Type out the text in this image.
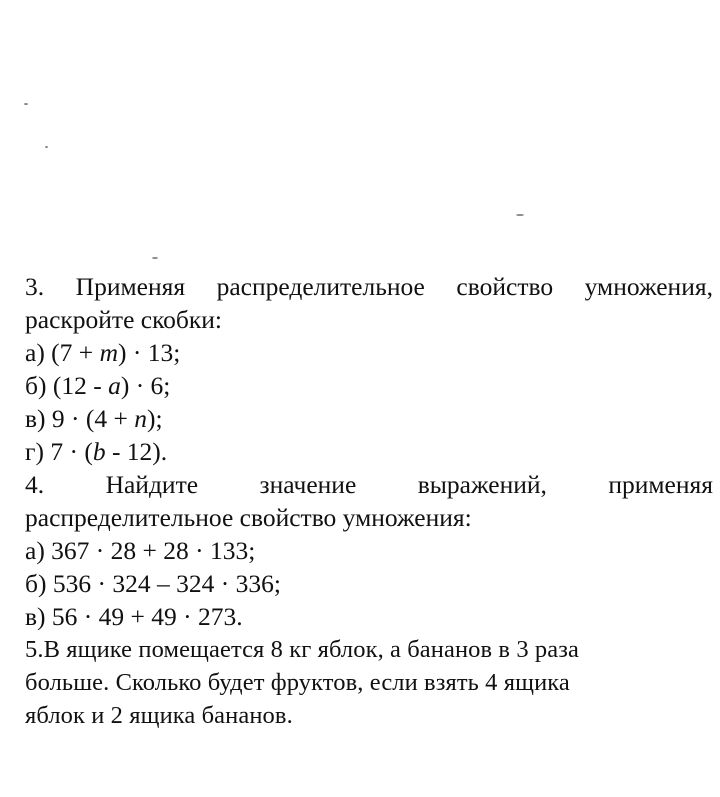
3. Применяя распределительное свойство умножения,
раскройте скобки:
а) (7 + m) · 13;
б) (12 - a) · 6;
в) 9 · (4 + n);
г) 7 · (b - 12).
4. Найдите значение выражений, применяя
распределительное свойство умножения:
а) 367 · 28 + 28 · 133;
б) 536 · 324 – 324 · 336;
в) 56 · 49 + 49 · 273.
5.В ящике помещается 8 кг яблок, а бананов в 3 раза
больше. Сколько будет фруктов, если взять 4 ящика
яблок и 2 ящика бананов.
